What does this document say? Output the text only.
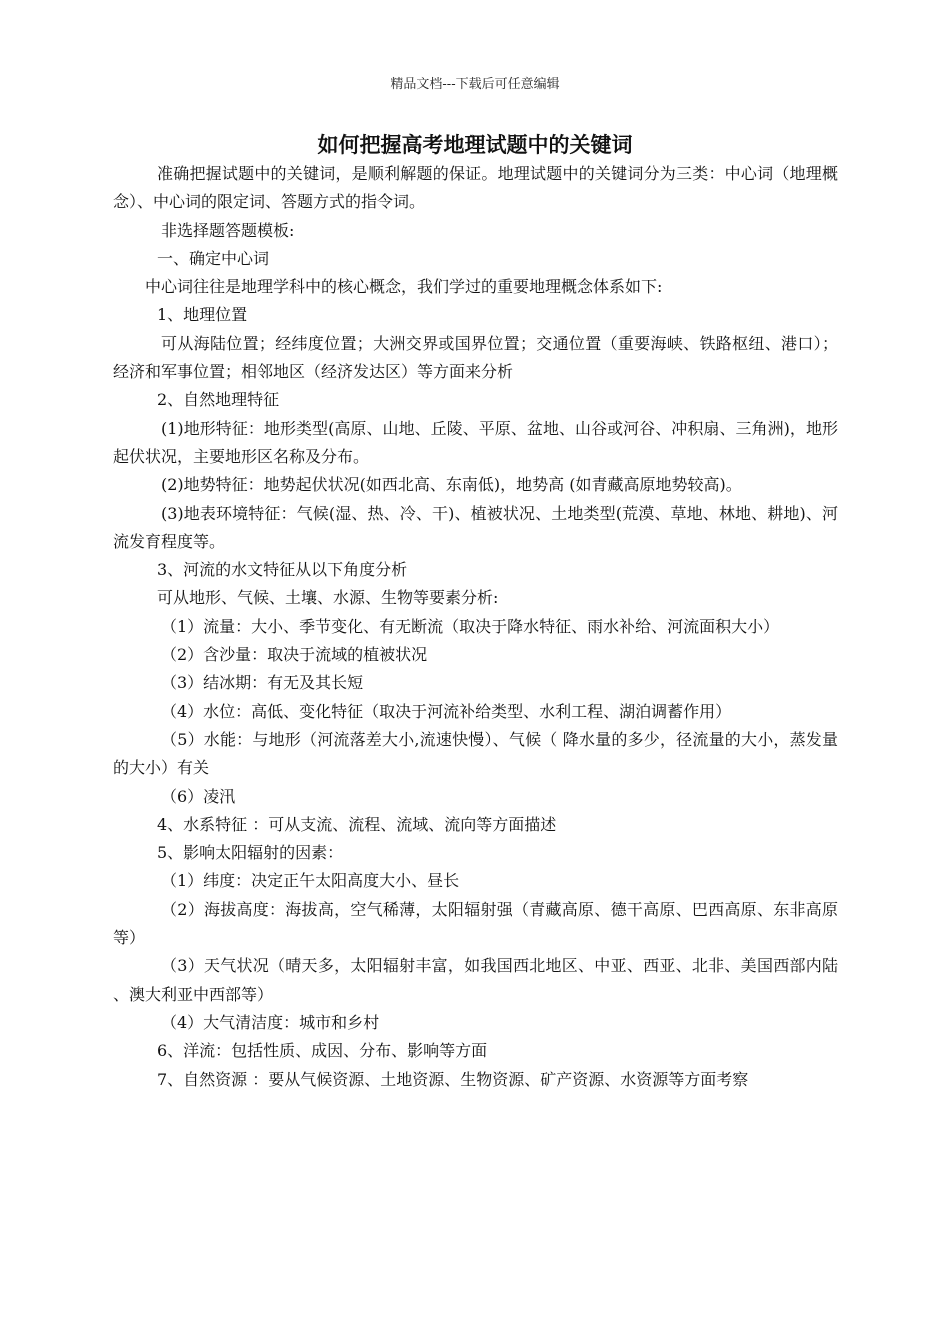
精品文档---下载后可任意编辑
如何把握高考地理试题中的关键词

准确把握试题中的关键词，是顺利解题的保证。地理试题中的关键词分为三类：中心词（地理概念）、中心词的限定词、答题方式的指令词。

非选择题答题模板:

一、确定中心词

中心词往往是地理学科中的核心概念，我们学过的重要地理概念体系如下:

1、地理位置

可从海陆位置；经纬度位置；大洲交界或国界位置；交通位置（重要海峡、铁路枢纽、港口）；经济和军事位置；相邻地区（经济发达区）等方面来分析

2、自然地理特征

(1)地形特征：地形类型(高原、山地、丘陵、平原、盆地、山谷或河谷、冲积扇、三角洲)，地形起伏状况，主要地形区名称及分布。

(2)地势特征：地势起伏状况(如西北高、东南低)，地势高 (如青藏高原地势较高)。

(3)地表环境特征：气候(湿、热、冷、干)、植被状况、土地类型(荒漠、草地、林地、耕地)、河流发育程度等。

3、河流的水文特征从以下角度分析

可从地形、气候、土壤、水源、生物等要素分析:

（1）流量：大小、季节变化、有无断流（取决于降水特征、雨水补给、河流面积大小）

（2）含沙量：取决于流域的植被状况

（3）结冰期：有无及其长短

（4）水位：高低、变化特征（取决于河流补给类型、水利工程、湖泊调蓄作用）

（5）水能：与地形（河流落差大小,流速快慢）、气候（ 降水量的多少，径流量的大小，蒸发量的大小）有关

（6）凌汛

4、水系特征 ：可从支流、流程、流域、流向等方面描述

5、影响太阳辐射的因素：

（1）纬度：决定正午太阳高度大小、昼长

（2）海拔高度：海拔高，空气稀薄，太阳辐射强（青藏高原、德干高原、巴西高原、东非高原等）

（3）天气状况（晴天多，太阳辐射丰富，如我国西北地区、中亚、西亚、北非、美国西部内陆、澳大利亚中西部等）

（4）大气清洁度：城市和乡村

6、洋流：包括性质、成因、分布、影响等方面

7、自然资源 ：要从气候资源、土地资源、生物资源、矿产资源、水资源等方面考察
